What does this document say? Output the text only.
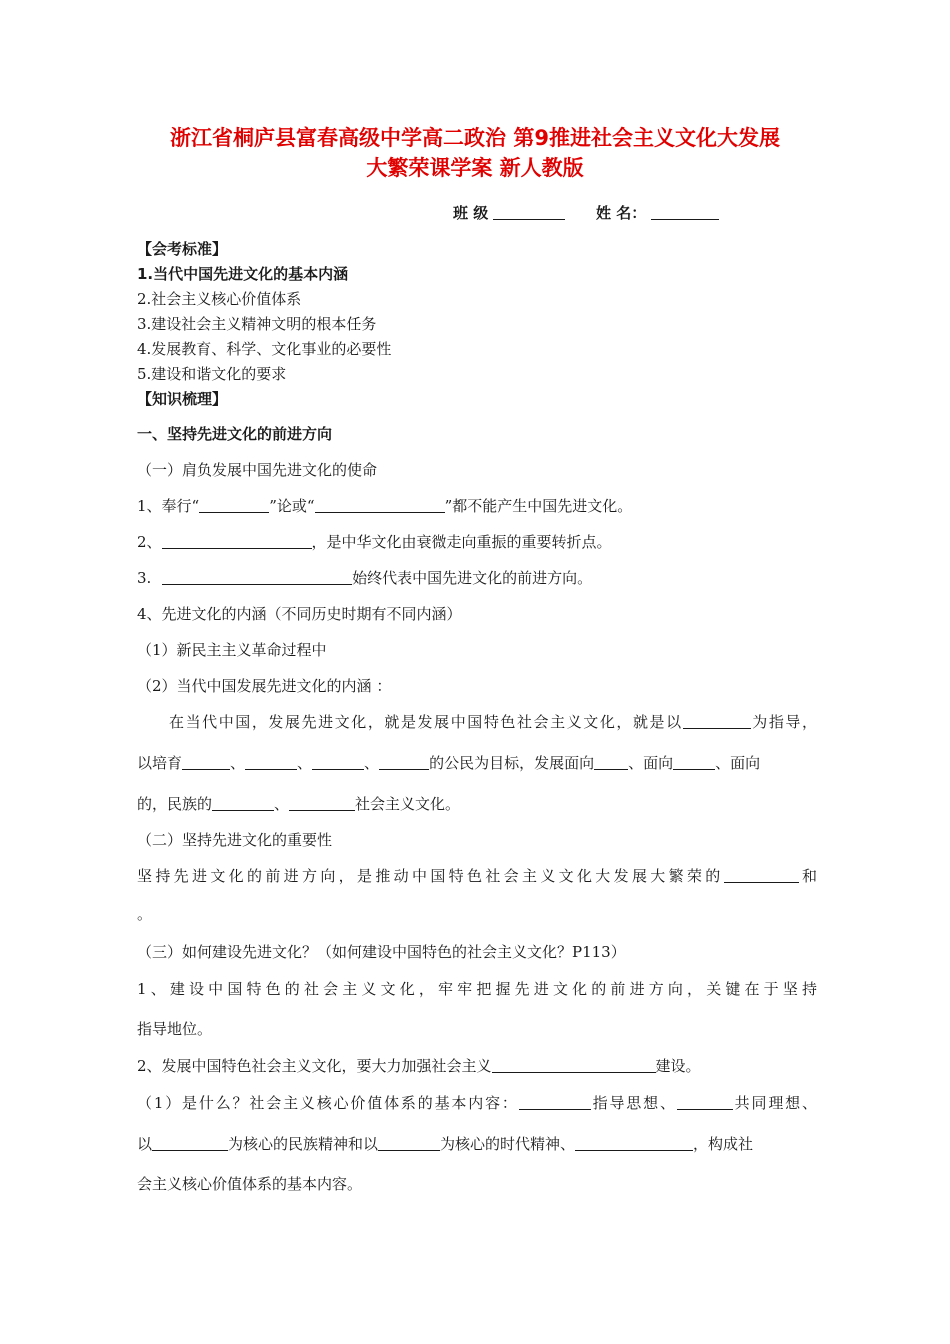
浙江省桐庐县富春高级中学高二政治 第9推进社会主义文化大发展
大繁荣课学案 新人教版
班 级	姓 名：
【会考标准】
1.当代中国先进文化的基本内涵
2.社会主义核心价值体系
3.建设社会主义精神文明的根本任务
4.发展教育、科学、文化事业的必要性
5.建设和谐文化的要求
【知识梳理】
一、坚持先进文化的前进方向
（一）肩负发展中国先进文化的使命
1、奉行“	”论或“	”都不能产生中国先进文化。
2、	，是中华文化由衰微走向重振的重要转折点。
3.	始终代表中国先进文化的前进方向。
4、先进文化的内涵（不同历史时期有不同内涵）
（1）新民主主义革命过程中
（2）当代中国发展先进文化的内涵 ：
在当代中国，发展先进文化，就是发展中国特色社会主义文化，就是以	为指导，
以培育	、	、	、	的公民为目标，发展面向 、面向	、面向
的，民族的	、	社会主义文化。
（二）坚持先进文化的重要性
坚持先进文化的前进方向，是推动中国特色社会主义文化大发展大繁荣的	和
。
（三）如何建设先进文化？（如何建设中国特色的社会主义文化？P113）
1、建设中国特色的社会主义文化，牢牢把握先进文化的前进方向，关键在于坚持
指导地位。
2、发展中国特色社会主义文化，要大力加强社会主义	建设。
（1）是什么？社会主义核心价值体系的基本内容：	指导思想、	共同理想、
以	为核心的民族精神和以	为核心的时代精神、	，构成社
会主义核心价值体系的基本内容。
